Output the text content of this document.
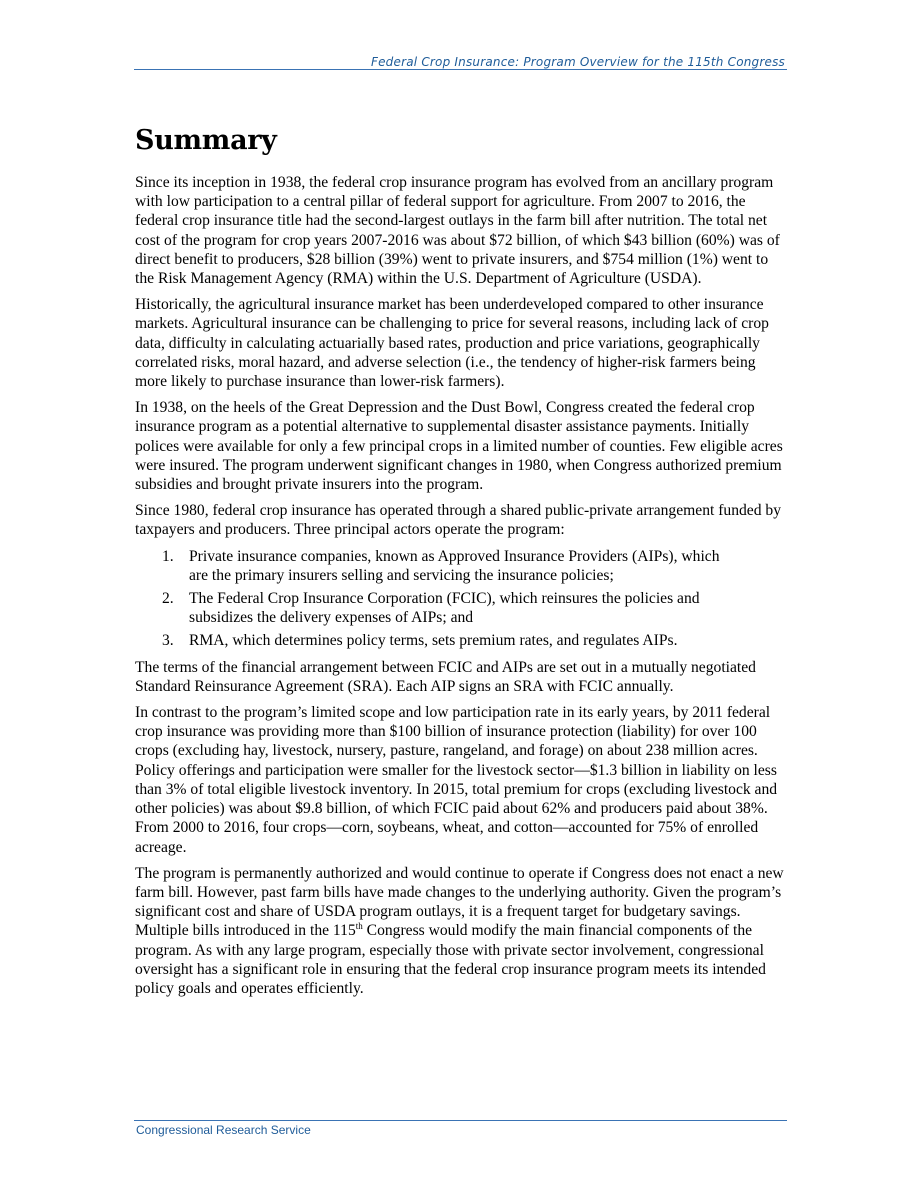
Federal Crop Insurance: Program Overview for the 115th Congress
Summary

Since its inception in 1938, the federal crop insurance program has evolved from an ancillary program with low participation to a central pillar of federal support for agriculture. From 2007 to 2016, the federal crop insurance title had the second-largest outlays in the farm bill after nutrition. The total net cost of the program for crop years 2007-2016 was about $72 billion, of which $43 billion (60%) was of direct benefit to producers, $28 billion (39%) went to private insurers, and $754 million (1%) went to the Risk Management Agency (RMA) within the U.S. Department of Agriculture (USDA).

Historically, the agricultural insurance market has been underdeveloped compared to other insurance markets. Agricultural insurance can be challenging to price for several reasons, including lack of crop data, difficulty in calculating actuarially based rates, production and price variations, geographically correlated risks, moral hazard, and adverse selection (i.e., the tendency of higher-risk farmers being more likely to purchase insurance than lower-risk farmers).

In 1938, on the heels of the Great Depression and the Dust Bowl, Congress created the federal crop insurance program as a potential alternative to supplemental disaster assistance payments. Initially polices were available for only a few principal crops in a limited number of counties. Few eligible acres were insured. The program underwent significant changes in 1980, when Congress authorized premium subsidies and brought private insurers into the program.

Since 1980, federal crop insurance has operated through a shared public-private arrangement funded by taxpayers and producers. Three principal actors operate the program:

1. Private insurance companies, known as Approved Insurance Providers (AIPs), which are the primary insurers selling and servicing the insurance policies;
2. The Federal Crop Insurance Corporation (FCIC), which reinsures the policies and subsidizes the delivery expenses of AIPs; and
3. RMA, which determines policy terms, sets premium rates, and regulates AIPs.

The terms of the financial arrangement between FCIC and AIPs are set out in a mutually negotiated Standard Reinsurance Agreement (SRA). Each AIP signs an SRA with FCIC annually.

In contrast to the program’s limited scope and low participation rate in its early years, by 2011 federal crop insurance was providing more than $100 billion of insurance protection (liability) for over 100 crops (excluding hay, livestock, nursery, pasture, rangeland, and forage) on about 238 million acres. Policy offerings and participation were smaller for the livestock sector—$1.3 billion in liability on less than 3% of total eligible livestock inventory. In 2015, total premium for crops (excluding livestock and other policies) was about $9.8 billion, of which FCIC paid about 62% and producers paid about 38%. From 2000 to 2016, four crops—corn, soybeans, wheat, and cotton—accounted for 75% of enrolled acreage.

The program is permanently authorized and would continue to operate if Congress does not enact a new farm bill. However, past farm bills have made changes to the underlying authority. Given the program’s significant cost and share of USDA program outlays, it is a frequent target for budgetary savings. Multiple bills introduced in the 115th Congress would modify the main financial components of the program. As with any large program, especially those with private sector involvement, congressional oversight has a significant role in ensuring that the federal crop insurance program meets its intended policy goals and operates efficiently.

Congressional Research Service
